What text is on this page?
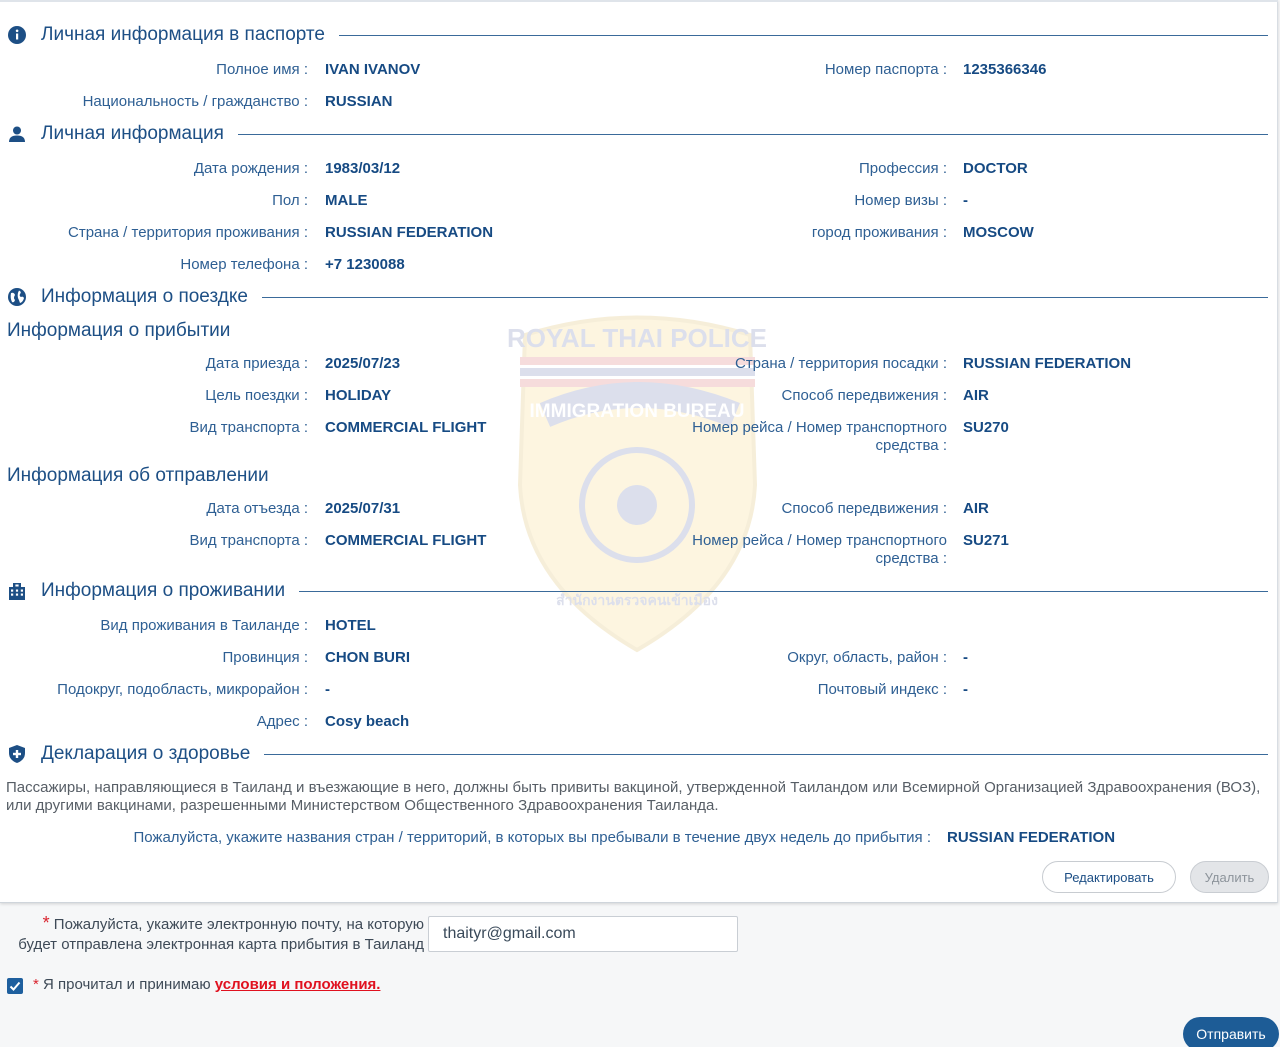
ROYAL THAI POLICE
IMMIGRATION BUREAU
สำนักงานตรวจคนเข้าเมือง
Личная информация в паспорте
Полное имя : IVAN IVANOV	Номер паспорта : 1235366346
Национальность / гражданство : RUSSIAN
Личная информация
Дата рождения : 1983/03/12	Профессия : DOCTOR
Пол : MALE	Номер визы : -
Страна / территория проживания : RUSSIAN FEDERATION	город проживания : MOSCOW
Номер телефона : +7 1230088
Информация о поездке
Информация о прибытии
Дата приезда : 2025/07/23	Страна / территория посадки : RUSSIAN FEDERATION
Цель поездки : HOLIDAY	Способ передвижения : AIR
Вид транспорта : COMMERCIAL FLIGHT	Номер рейса / Номер транспортного средства :
SU270
Информация об отправлении
Дата отъезда : 2025/07/31	Способ передвижения : AIR
Вид транспорта : COMMERCIAL FLIGHT	Номер рейса / Номер транспортного средства :
SU271
Информация о проживании
Вид проживания в Таиланде : HOTEL
Провинция : CHON BURI	Округ, область, район : -
Подокруг, подобласть, микрорайон : -	Почтовый индекс : -
Адрес : Cosy beach
Декларация о здоровье
Пассажиры, направляющиеся в Таиланд и въезжающие в него, должны быть привиты вакциной, утвержденной Таиландом или Всемирной Организацией Здравоохранения (ВОЗ), или другими вакцинами, разрешенными Министерством Общественного Здравоохранения Таиланда.
Пожалуйста, укажите названия стран / территорий, в которых вы пребывали в течение двух недель до прибытия : RUSSIAN FEDERATION
Редактировать	Удалить
* Пожалуйста, укажите электронную почту, на которую будет отправлена электронная карта прибытия в Таиланд
thaityr@gmail.com
* Я прочитал и принимаю условия и положения.
Отправить
